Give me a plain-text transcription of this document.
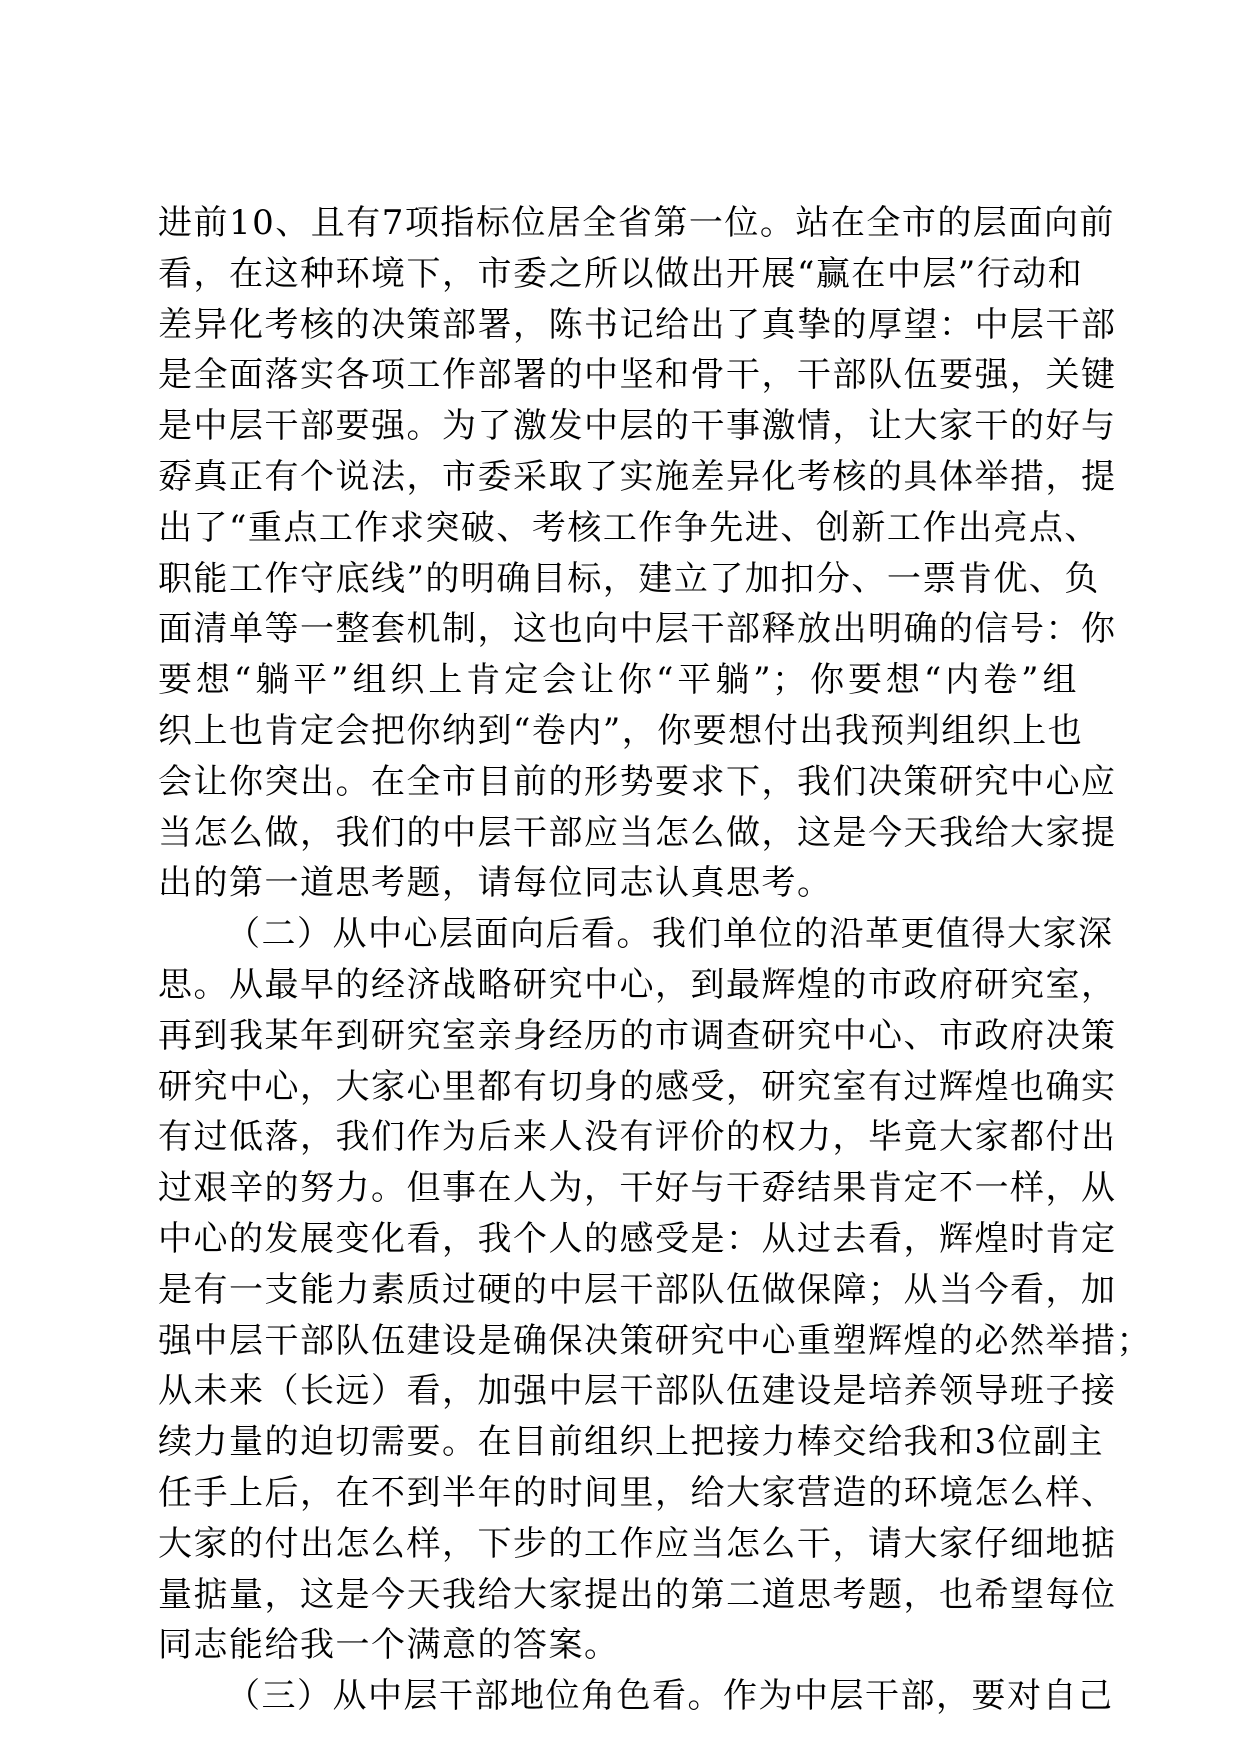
进前10、且有7项指标位居全省第一位。站在全市的层面向前
看，在这种环境下，市委之所以做出开展“赢在中层”行动和
差异化考核的决策部署，陈书记给出了真挚的厚望：中层干部
是全面落实各项工作部署的中坚和骨干，干部队伍要强，关键
是中层干部要强。为了激发中层的干事激情，让大家干的好与
孬真正有个说法，市委采取了实施差异化考核的具体举措，提
出了“重点工作求突破、考核工作争先进、创新工作出亮点、
职能工作守底线”的明确目标，建立了加扣分、一票肯优、负
面清单等一整套机制，这也向中层干部释放出明确的信号：你
要想“躺平”组织上肯定会让你“平躺”；你要想“内卷”组
织上也肯定会把你纳到“卷内”，你要想付出我预判组织上也
会让你突出。在全市目前的形势要求下，我们决策研究中心应
当怎么做，我们的中层干部应当怎么做，这是今天我给大家提
出的第一道思考题，请每位同志认真思考。
（二）从中心层面向后看。我们单位的沿革更值得大家深
思。从最早的经济战略研究中心，到最辉煌的市政府研究室，
再到我某年到研究室亲身经历的市调查研究中心、市政府决策
研究中心，大家心里都有切身的感受，研究室有过辉煌也确实
有过低落，我们作为后来人没有评价的权力，毕竟大家都付出
过艰辛的努力。但事在人为，干好与干孬结果肯定不一样，从
中心的发展变化看，我个人的感受是：从过去看，辉煌时肯定
是有一支能力素质过硬的中层干部队伍做保障；从当今看，加
强中层干部队伍建设是确保决策研究中心重塑辉煌的必然举措；
从未来（长远）看，加强中层干部队伍建设是培养领导班子接
续力量的迫切需要。在目前组织上把接力棒交给我和3位副主
任手上后，在不到半年的时间里，给大家营造的环境怎么样、
大家的付出怎么样，下步的工作应当怎么干，请大家仔细地掂
量掂量，这是今天我给大家提出的第二道思考题，也希望每位
同志能给我一个满意的答案。
（三）从中层干部地位角色看。作为中层干部，要对自己
